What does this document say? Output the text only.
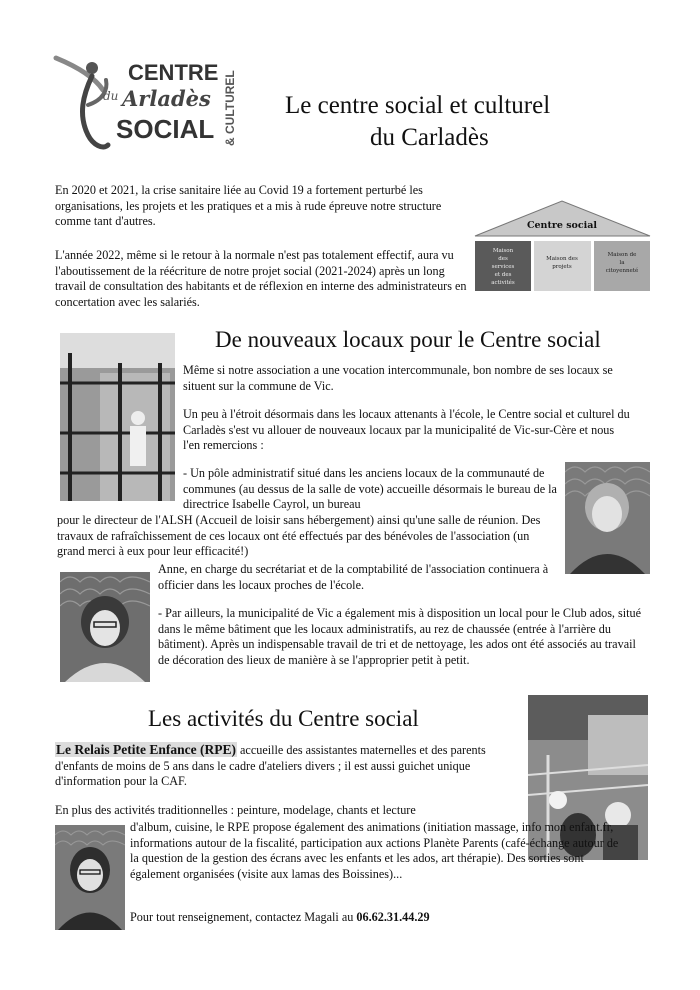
CENTRE
du Arladès
SOCIAL & CULTUREL Le centre social et culturel
du Carladès

En 2020 et 2021, la crise sanitaire liée au Covid 19 a fortement perturbé les organisations, les projets et les pratiques et a mis à rude épreuve notre structure comme tant d'autres.

L'année 2022, même si le retour à la normale n'est pas totalement effectif, aura vu l'aboutissement de la réécriture de notre projet social (2021-2024) après un long travail de consultation des habitants et de réflexion en interne des administrateurs en concertation avec les salariés.

Centre social
Maison
des
services
et des
activités
Maison des
projets
Maison de
la
citoyenneté
De nouveaux locaux pour le Centre social

Même si notre association a une vocation intercommunale, bon nombre de ses locaux se situent sur la commune de Vic.

Un peu à l'étroit désormais dans les locaux attenants à l'école, le Centre social et culturel du Carladès s'est vu allouer de nouveaux locaux par la municipalité de Vic-sur-Cère et nous l'en remercions :

- Un pôle administratif situé dans les anciens locaux de la communauté de communes (au dessus de la salle de vote) accueille désormais le bureau de la directrice Isabelle Cayrol, un bureau

pour le directeur de l'ALSH (Accueil de loisir sans hébergement) ainsi qu'une salle de réunion. Des travaux de rafraîchissement de ces locaux ont été effectués par des bénévoles de l'association (un grand merci à eux pour leur efficacité!)

Anne, en charge du secrétariat et de la comptabilité de l'association continuera à officier dans les locaux proches de l'école.

- Par ailleurs, la municipalité de Vic a également mis à disposition un local pour le Club ados, situé dans le même bâtiment que les locaux administratifs, au rez de chaussée (entrée à l'arrière du bâtiment). Après un indispensable travail de tri et de nettoyage, les ados ont été associés au travail de décoration des lieux de manière à se l'approprier petit à petit.

Les activités du Centre social

Le Relais Petite Enfance (RPE) accueille des assistantes maternelles et des parents d'enfants de moins de 5 ans dans le cadre d'ateliers divers ; il est aussi guichet unique d'information pour la CAF.

En plus des activités traditionnelles : peinture, modelage, chants et lecture

d'album, cuisine, le RPE propose également des animations (initiation massage, info mon enfant.fr, informations autour de la fiscalité, participation aux actions Planète Parents (café-échange autour de la question de la gestion des écrans avec les enfants et les ados, art thérapie). Des sorties sont également organisées (visite aux lamas des Boissines)...

Pour tout renseignement, contactez Magali au 06.62.31.44.29
